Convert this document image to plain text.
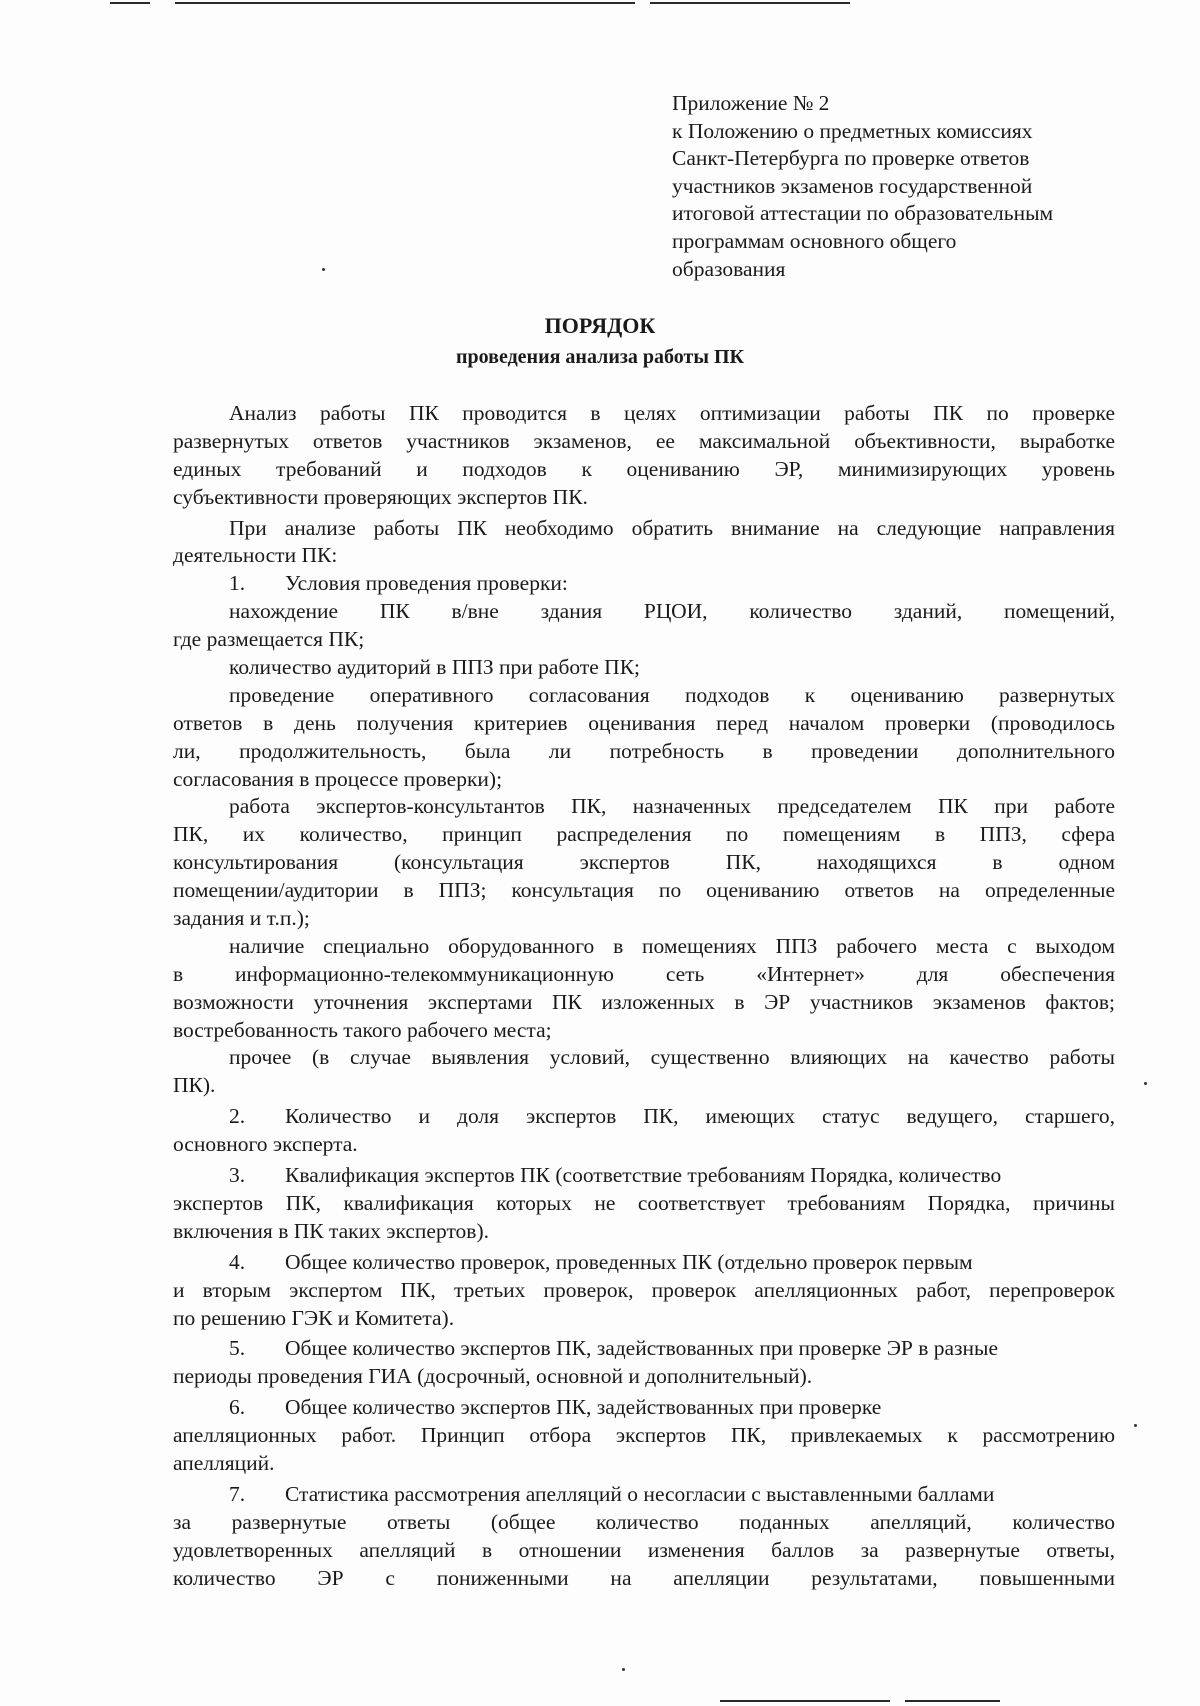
Приложение № 2
к Положению о предметных комиссиях
Санкт-Петербурга по проверке ответов
участников экзаменов государственной
итоговой аттестации по образовательным
программам основного общего
образования
ПОРЯДОК
проведения анализа работы ПК
Анализ работы ПК проводится в целях оптимизации работы ПК по проверке
развернутых ответов участников экзаменов, ее максимальной объективности, выработке
единых требований и подходов к оцениванию ЭР, минимизирующих уровень
субъективности проверяющих экспертов ПК.
При анализе работы ПК необходимо обратить внимание на следующие направления
деятельности ПК:
1. Условия проведения проверки:
нахождение ПК в/вне здания РЦОИ, количество зданий, помещений,
где размещается ПК;
количество аудиторий в ППЗ при работе ПК;
проведение оперативного согласования подходов к оцениванию развернутых
ответов в день получения критериев оценивания перед началом проверки (проводилось
ли, продолжительность, была ли потребность в проведении дополнительного
согласования в процессе проверки);
работа экспертов-консультантов ПК, назначенных председателем ПК при работе
ПК, их количество, принцип распределения по помещениям в ППЗ, сфера
консультирования (консультация экспертов ПК, находящихся в одном
помещении/аудитории в ППЗ; консультация по оцениванию ответов на определенные
задания и т.п.);
наличие специально оборудованного в помещениях ППЗ рабочего места с выходом
в информационно-телекоммуникационную сеть «Интернет» для обеспечения
возможности уточнения экспертами ПК изложенных в ЭР участников экзаменов фактов;
востребованность такого рабочего места;
прочее (в случае выявления условий, существенно влияющих на качество работы
ПК).
2.	Количество и доля экспертов ПК, имеющих статус ведущего, старшего,
основного эксперта.
3. Квалификация экспертов ПК (соответствие требованиям Порядка, количество
экспертов ПК, квалификация которых не соответствует требованиям Порядка, причины
включения в ПК таких экспертов).
4. Общее количество проверок, проведенных ПК (отдельно проверок первым
и вторым экспертом ПК, третьих проверок, проверок апелляционных работ, перепроверок
по решению ГЭК и Комитета).
5. Общее количество экспертов ПК, задействованных при проверке ЭР в разные
периоды проведения ГИА (досрочный, основной и дополнительный).
6. Общее количество экспертов ПК, задействованных при проверке
апелляционных работ. Принцип отбора экспертов ПК, привлекаемых к рассмотрению
апелляций.
7. Статистика рассмотрения апелляций о несогласии с выставленными баллами
за развернутые ответы (общее количество поданных апелляций, количество
удовлетворенных апелляций в отношении изменения баллов за развернутые ответы,
количество ЭР с пониженными на апелляции результатами, повышенными
